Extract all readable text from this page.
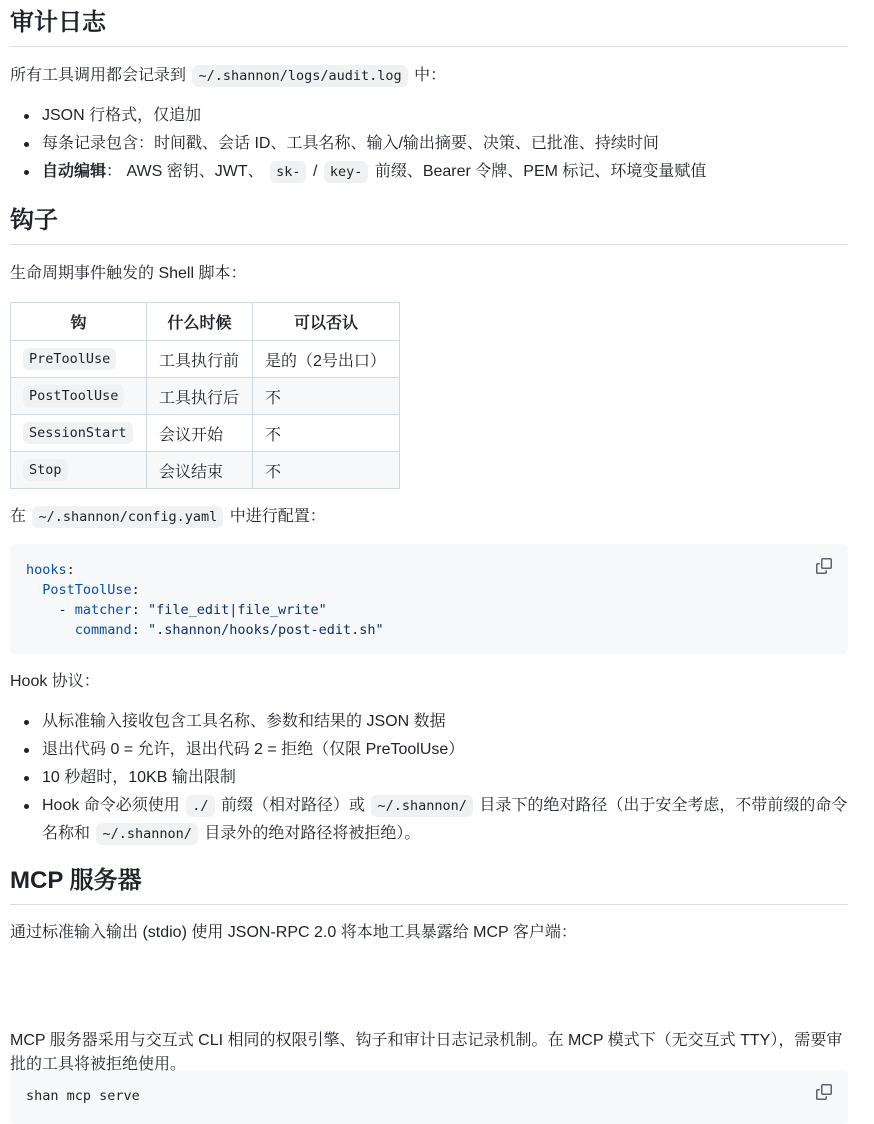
审计日志

所有工具调用都会记录到 ~/.shannon/logs/audit.log 中：

JSON 行格式，仅追加
每条记录包含：时间戳、会话 ID、工具名称、输入/输出摘要、决策、已批准、持续时间
自动编辑： AWS 密钥、JWT、 sk- / key- 前缀、Bearer 令牌、PEM 标记、环境变量赋值
钩子

生命周期事件触发的 Shell 脚本：

钩	什么时候	可以否认
PreToolUse	工具执行前	是的（2号出口）
PostToolUse	工具执行后	不
SessionStart	会议开始	不
Stop	会议结束	不

在 ~/.shannon/config.yaml 中进行配置：

hooks:
PostToolUse:
- matcher: "file_edit|file_write"
command: ".shannon/hooks/post-edit.sh"

Hook 协议：

从标准输入接收包含工具名称、参数和结果的 JSON 数据
退出代码 0 = 允许，退出代码 2 = 拒绝（仅限 PreToolUse）
10 秒超时，10KB 输出限制
Hook 命令必须使用 ./ 前缀（相对路径）或 ~/.shannon/ 目录下的绝对路径（出于安全考虑，不带前缀的命令
名称和 ~/.shannon/ 目录外的绝对路径将被拒绝）。
MCP 服务器

通过标准输入输出 (stdio) 使用 JSON-RPC 2.0 将本地工具暴露给 MCP 客户端：

shan mcp serve

MCP 服务器采用与交互式 CLI 相同的权限引擎、钩子和审计日志记录机制。在 MCP 模式下（无交互式 TTY），需要审

批的工具将被拒绝使用。
